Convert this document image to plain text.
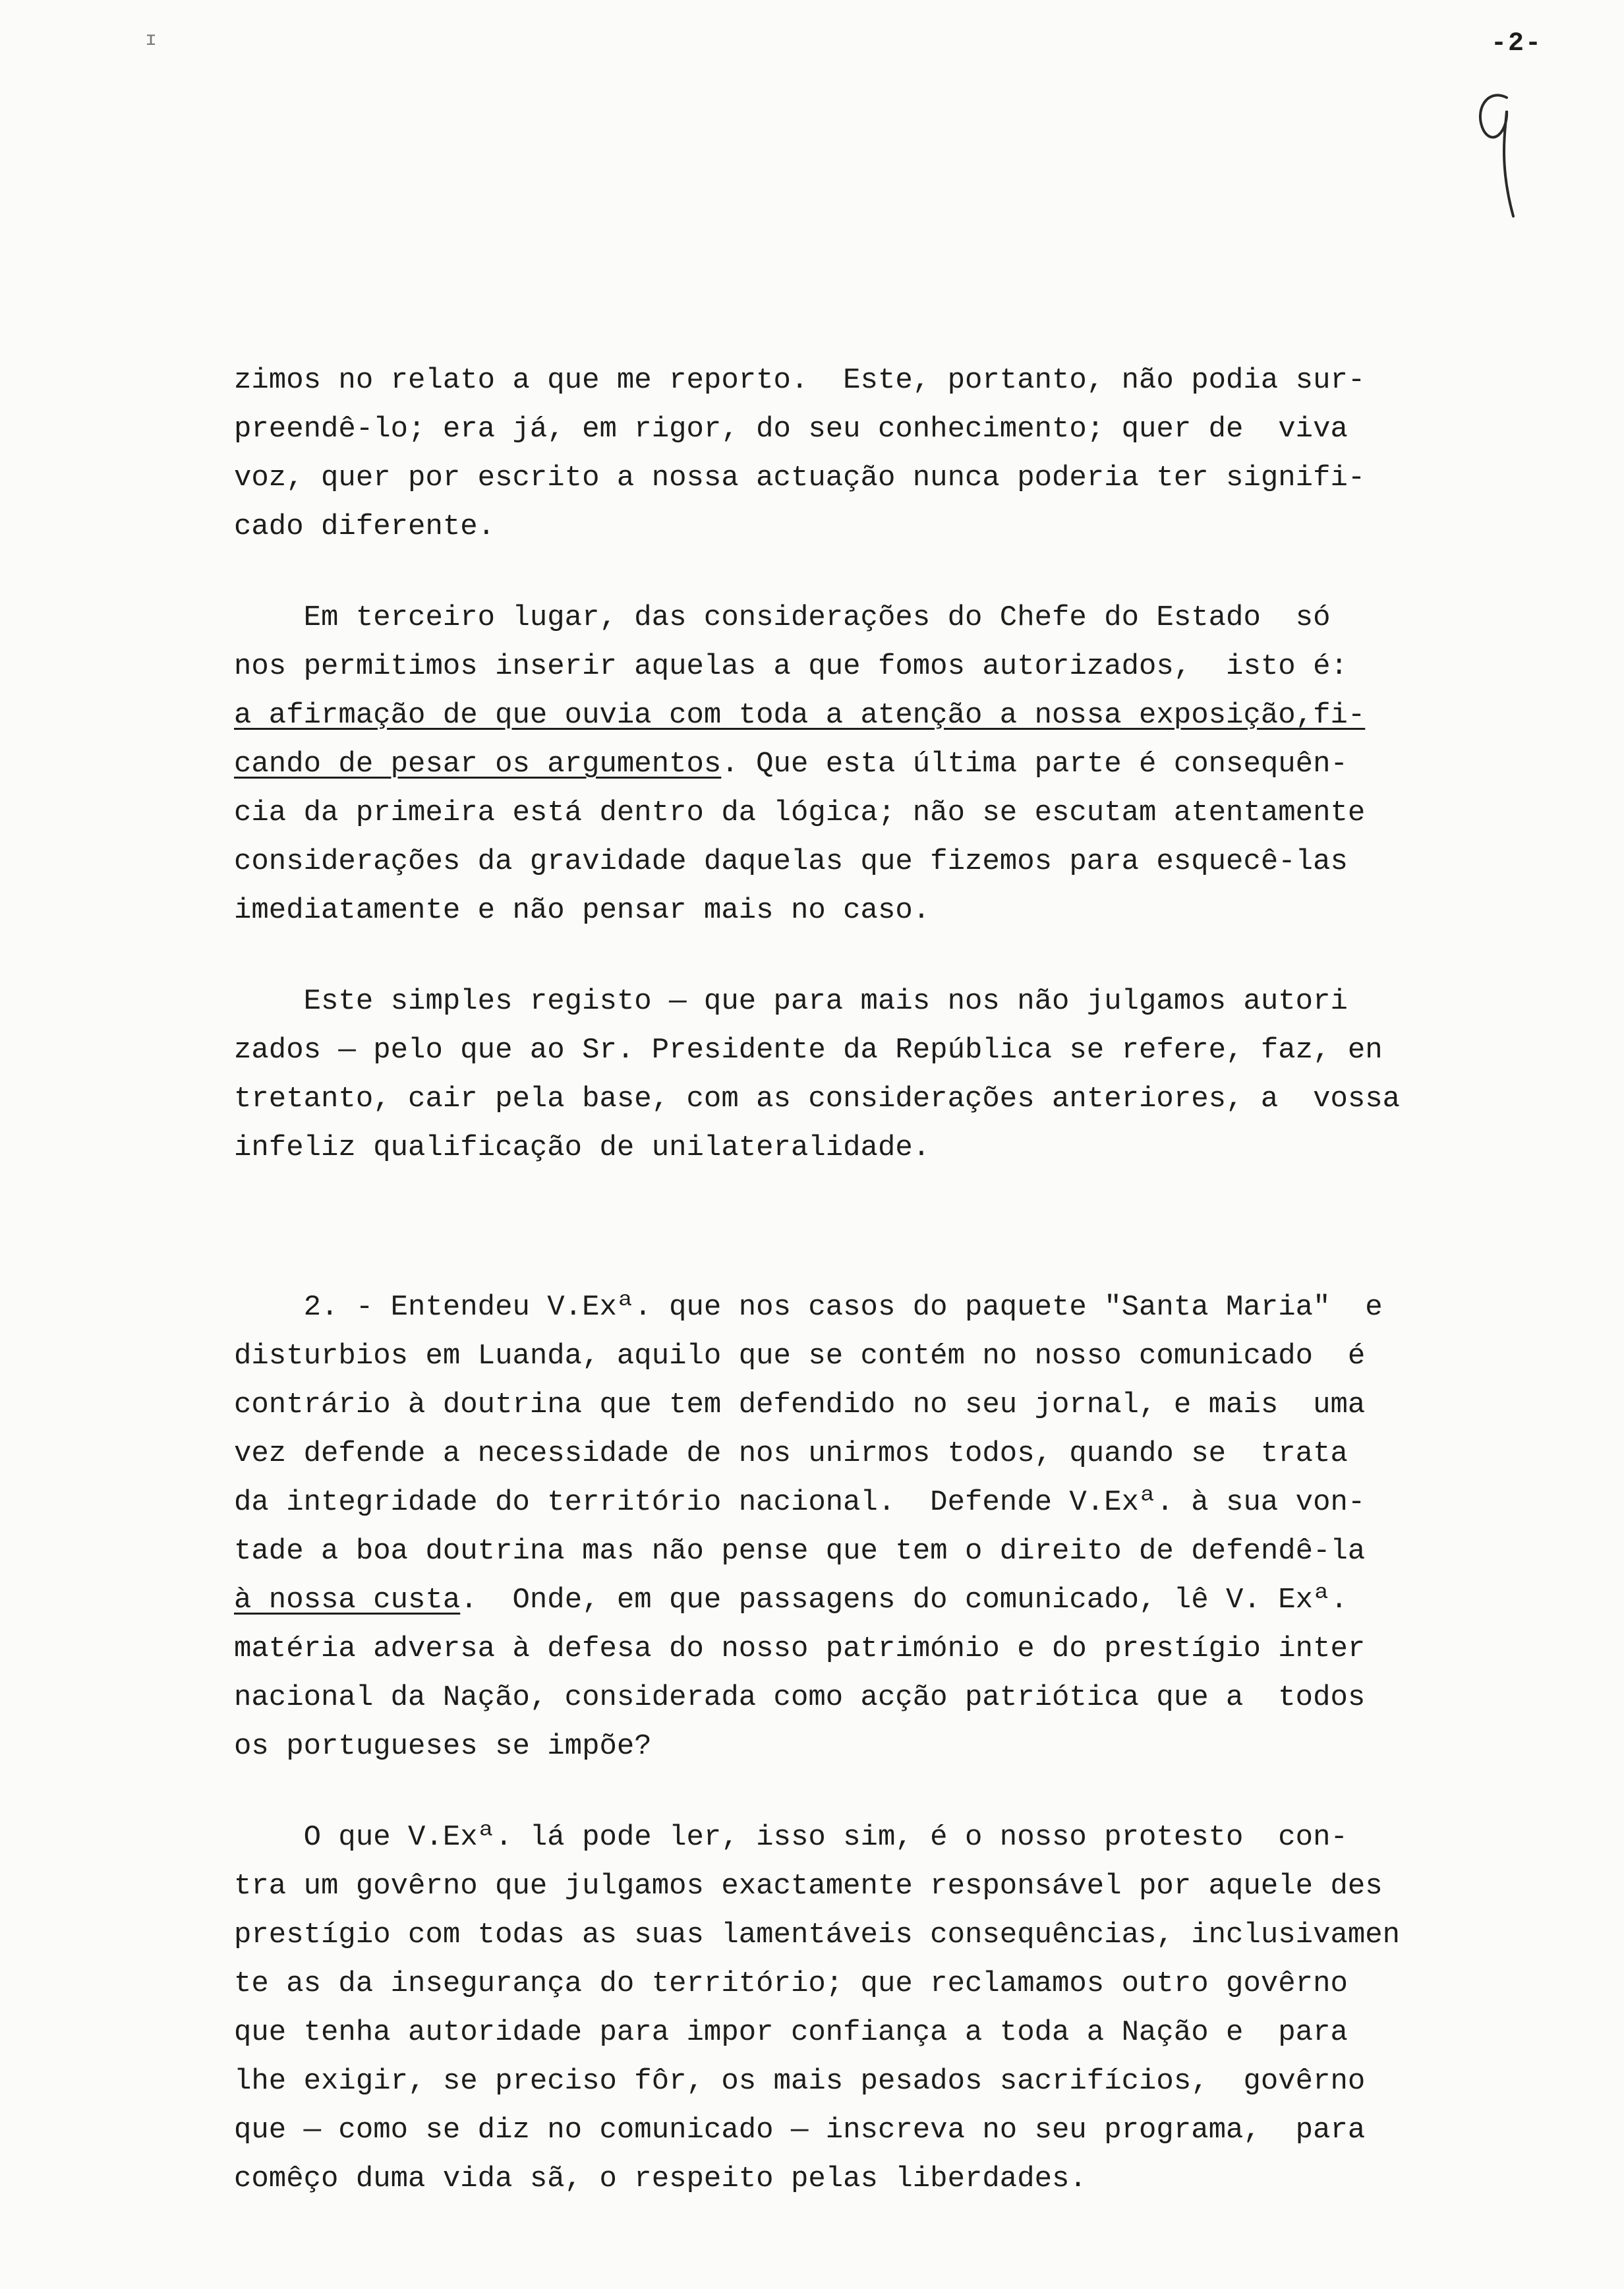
ɪ	-2-
zimos no relato a que me reporto.  Este, portanto, não podia sur-
preendê-lo; era já, em rigor, do seu conhecimento; quer de  viva
voz, quer por escrito a nossa actuação nunca poderia ter signifi-
cado diferente.
Em terceiro lugar, das considerações do Chefe do Estado  só
nos permitimos inserir aquelas a que fomos autorizados,  isto é:
a afirmação de que ouvia com toda a atenção a nossa exposição,fi-
cando de pesar os argumentos. Que esta última parte é consequên-
cia da primeira está dentro da lógica; não se escutam atentamente
considerações da gravidade daquelas que fizemos para esquecê-las
imediatamente e não pensar mais no caso.
Este simples registo — que para mais nos não julgamos autori
zados — pelo que ao Sr. Presidente da República se refere, faz, en
tretanto, cair pela base, com as considerações anteriores, a  vossa
infeliz qualificação de unilateralidade.
2. - Entendeu V.Exª. que nos casos do paquete "Santa Maria"  e
disturbios em Luanda, aquilo que se contém no nosso comunicado  é
contrário à doutrina que tem defendido no seu jornal, e mais  uma
vez defende a necessidade de nos unirmos todos, quando se  trata
da integridade do território nacional.  Defende V.Exª. à sua von-
tade a boa doutrina mas não pense que tem o direito de defendê-la
à nossa custa.  Onde, em que passagens do comunicado, lê V. Exª.
matéria adversa à defesa do nosso património e do prestígio inter
nacional da Nação, considerada como acção patriótica que a  todos
os portugueses se impõe?
O que V.Exª. lá pode ler, isso sim, é o nosso protesto  con-
tra um govêrno que julgamos exactamente responsável por aquele des
prestígio com todas as suas lamentáveis consequências, inclusivamen
te as da insegurança do território; que reclamamos outro govêrno
que tenha autoridade para impor confiança a toda a Nação e  para
lhe exigir, se preciso fôr, os mais pesados sacrifícios,  govêrno
que — como se diz no comunicado — inscreva no seu programa,  para
comêço duma vida sã, o respeito pelas liberdades.
